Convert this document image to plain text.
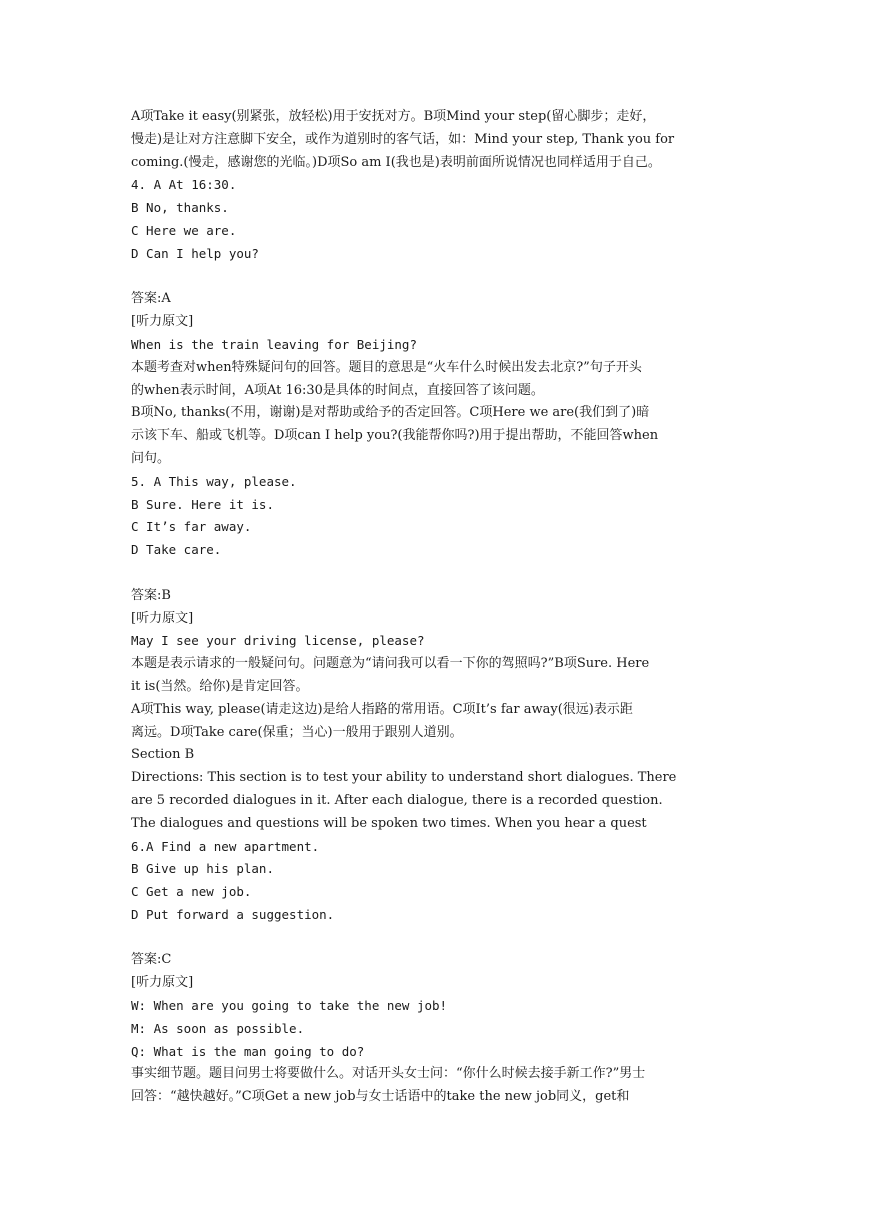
A项Take it easy(别紧张，放轻松)用于安抚对方。B项Mind your step(留心脚步；走好，
慢走)是让对方注意脚下安全，或作为道别时的客气话，如：Mind your step, Thank you for
coming.(慢走，感谢您的光临。)D项So am I(我也是)表明前面所说情况也同样适用于自己。
4. A At 16:30.
B No, thanks.
C Here we are.
D Can I help you?
答案:A
[听力原文]
When is the train leaving for Beijing?
本题考查对when特殊疑问句的回答。题目的意思是“火车什么时候出发去北京?”句子开头
的when表示时间，A项At 16:30是具体的时间点，直接回答了该问题。
B项No, thanks(不用，谢谢)是对帮助或给予的否定回答。C项Here we are(我们到了)暗
示该下车、船或飞机等。D项can I help you?(我能帮你吗?)用于提出帮助，不能回答when
问句。
5. A This way, please.
B Sure. Here it is.
C It’s far away.
D Take care.
答案:B
[听力原文]
May I see your driving license, please?
本题是表示请求的一般疑问句。问题意为“请问我可以看一下你的驾照吗?”B项Sure. Here
it is(当然。给你)是肯定回答。
A项This way, please(请走这边)是给人指路的常用语。C项It’s far away(很远)表示距
离远。D项Take care(保重；当心)一般用于跟别人道别。
Section B
Directions: This section is to test your ability to understand short dialogues. There
are 5 recorded dialogues in it. After each dialogue, there is a recorded question.
The dialogues and questions will be spoken two times. When you hear a quest
6.A Find a new apartment.
B Give up his plan.
C Get a new job.
D Put forward a suggestion.
答案:C
[听力原文]
W: When are you going to take the new job!
M: As soon as possible.
Q: What is the man going to do?
事实细节题。题目问男士将要做什么。对话开头女士问：“你什么时候去接手新工作?”男士
回答：“越快越好。”C项Get a new job与女士话语中的take the new job同义，get和
